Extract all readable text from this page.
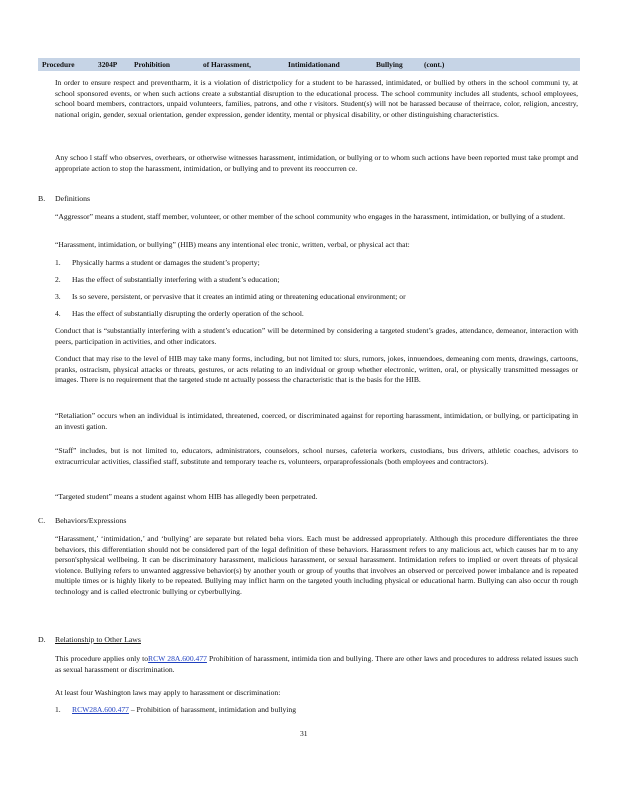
Procedure	3204P Prohibition	of Harassment,	Intimidationand	Bullying	(cont.)
In order to ensure respect and preventharm, it is a violation of districtpolicy for a student to be harassed, intimidated, or bullied by others in the school communi ty, at school sponsored events, or when such actions create a substantial disruption to the educational process. The school community includes all students, school employees, school board members, contractors, unpaid volunteers, families, patrons, and othe r visitors. Student(s) will not be harassed because of theirrace, color, religion, ancestry, national origin, gender, sexual orientation, gender expression, gender identity, mental or physical disability, or other distinguishing characteristics.
Any schoo l staff who observes, overhears, or otherwise witnesses harassment, intimidation, or bullying or to whom such actions have been reported must take prompt and appropriate action to stop the harassment, intimidation, or bullying and to prevent its reoccurren ce.
B. Definitions
“Aggressor” means a student, staff member, volunteer, or other member of the school community who engages in the harassment, intimidation, or bullying of a student.
“Harassment, intimidation, or bullying” (HIB) means any intentional elec tronic, written, verbal, or physical act that:
1. Physically harms a student or damages the student’s property;
2. Has the effect of substantially interfering with a student’s education;
3. Is so severe, persistent, or pervasive that it creates an intimid ating or threatening educational environment; or
4. Has the effect of substantially disrupting the orderly operation of the school.
Conduct that is “substantially interfering with a student’s education” will be determined by considering a targeted student’s grades, attendance, demeanor, interaction with peers, participation in activities, and other indicators.
Conduct that may rise to the level of HIB may take many forms, including, but not limited to: slurs, rumors, jokes, innuendoes, demeaning com ments, drawings, cartoons, pranks, ostracism, physical attacks or threats, gestures, or acts relating to an individual or group whether electronic, written, oral, or physically transmitted messages or images. There is no requirement that the targeted stude nt actually possess the characteristic that is the basis for the HIB.
“Retaliation” occurs when an individual is intimidated, threatened, coerced, or discriminated against for reporting harassment, intimidation, or bullying, or participating in an investi gation.
“Staff” includes, but is not limited to, educators, administrators, counselors, school nurses, cafeteria workers, custodians, bus drivers, athletic coaches, advisors to extracurricular activities, classified staff, substitute and temporary teache rs, volunteers, orparaprofessionals (both employees and contractors).
“Targeted student” means a student against whom HIB has allegedly been perpetrated.
C. Behaviors/Expressions
“Harassment,’ ‘intimidation,’ and ‘bullying’ are separate but related beha viors. Each must be addressed appropriately. Although this procedure differentiates the three behaviors, this differentiation should not be considered part of the legal definition of these behaviors. Harassment refers to any malicious act, which causes har m to any person'sphysical wellbeing. It can be discriminatory harassment, malicious harassment, or sexual harassment. Intimidation refers to implied or overt threats of physical violence. Bullying refers to unwanted aggressive behavior(s) by another youth or group of youths that involves an observed or perceived power imbalance and is repeated multiple times or is highly likely to be repeated. Bullying may inflict harm on the targeted youth including physical or educational harm. Bullying can also occur th rough technology and is called electronic bullying or cyberbullying.
D. Relationship to Other Laws
This procedure applies only toRCW 28A.600.477 Prohibition of harassment, intimida tion and bullying. There are other laws and procedures to address related issues such as sexual harassment or discrimination.
At least four Washington laws may apply to harassment or discrimination:
1. RCW28A.600.477 – Prohibition of harassment, intimidation and bullying
31
